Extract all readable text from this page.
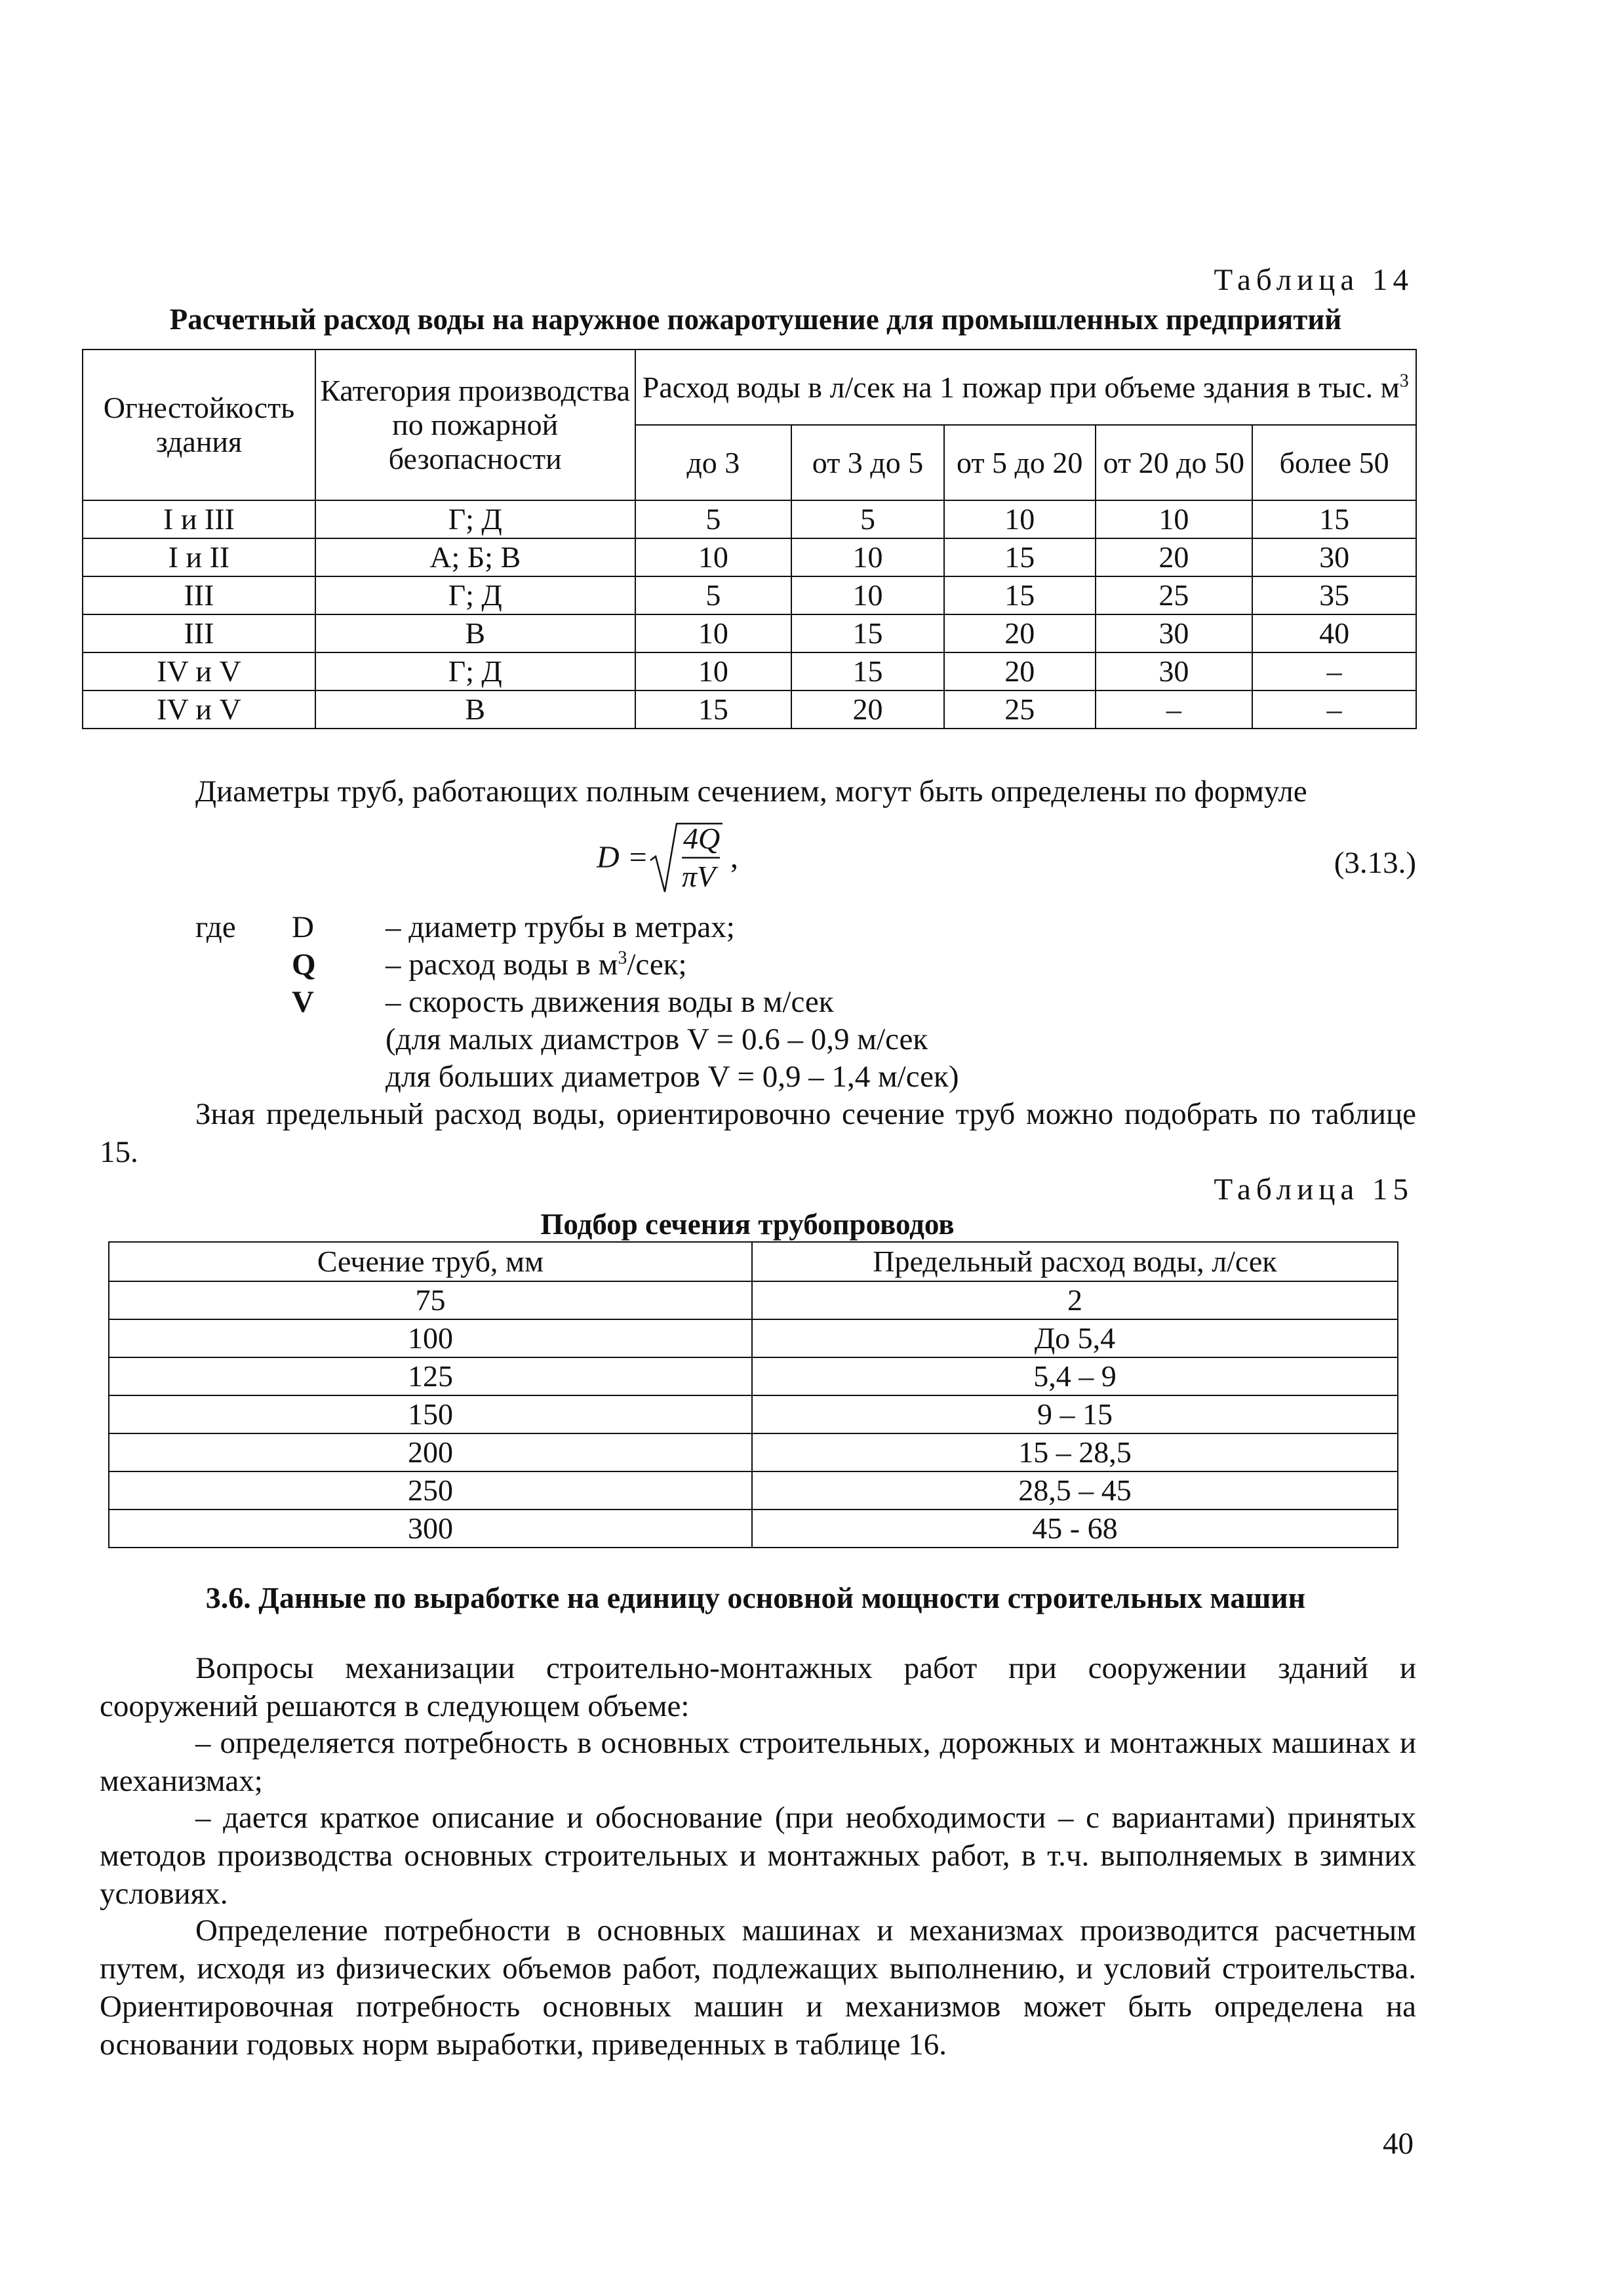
Таблица 14
Расчетный расход воды на наружное пожаротушение для промышленных предприятий
Огнестойкость здания	Категория производства по пожарной безопасности	Расход воды в л/сек на 1 пожар при объеме здания в тыс. $м^3$
		до 3	от 3 до 5	от 5 до 20	от 20 до 50	более 50
I и III	Г; Д	5	5	10	10	15
I и II	А; Б; В	10	10	15	20	30
III	Г; Д	5	10	15	25	35
III	В	10	15	20	30	40
IV и V	Г; Д	10	15	20	30	–
IV и V	В	15	20	25	–	–
Диаметры труб, работающих полным сечением, могут быть определены по формуле
D =
4Q
πV
,	(3.13.)
где D – диаметр трубы в метрах;
Q – расход воды в $м^3$/сек;
V – скорость движения воды в м/сек
(для малых диамстров V = 0.6 – 0,9 м/сек
для больших диаметров V = 0,9 – 1,4 м/сек)
Зная предельный расход воды, ориентировочно сечение труб можно подобрать по таблице 15.
Таблица 15
Подбор сечения трубопроводов
Сечение труб, мм	Предельный расход воды, л/сек
75	2
100	До 5,4
125	5,4 – 9
150	9 – 15
200	15 – 28,5
250	28,5 – 45
300	45 - 68
3.6. Данные по выработке на единицу основной мощности строительных машин
Вопросы механизации строительно-монтажных работ при сооружении зданий и сооружений решаются в следующем объеме:
– определяется потребность в основных строительных, дорожных и монтажных машинах и механизмах;
– дается краткое описание и обоснование (при необходимости – с вариантами) принятых методов производства основных строительных и монтажных работ, в т.ч. выполняемых в зимних условиях.
Определение потребности в основных машинах и механизмах производится расчетным путем, исходя из физических объемов работ, подлежащих выполнению, и условий строительства. Ориентировочная потребность основных машин и механизмов может быть определена на основании годовых норм выработки, приведенных в таблице 16.
40
